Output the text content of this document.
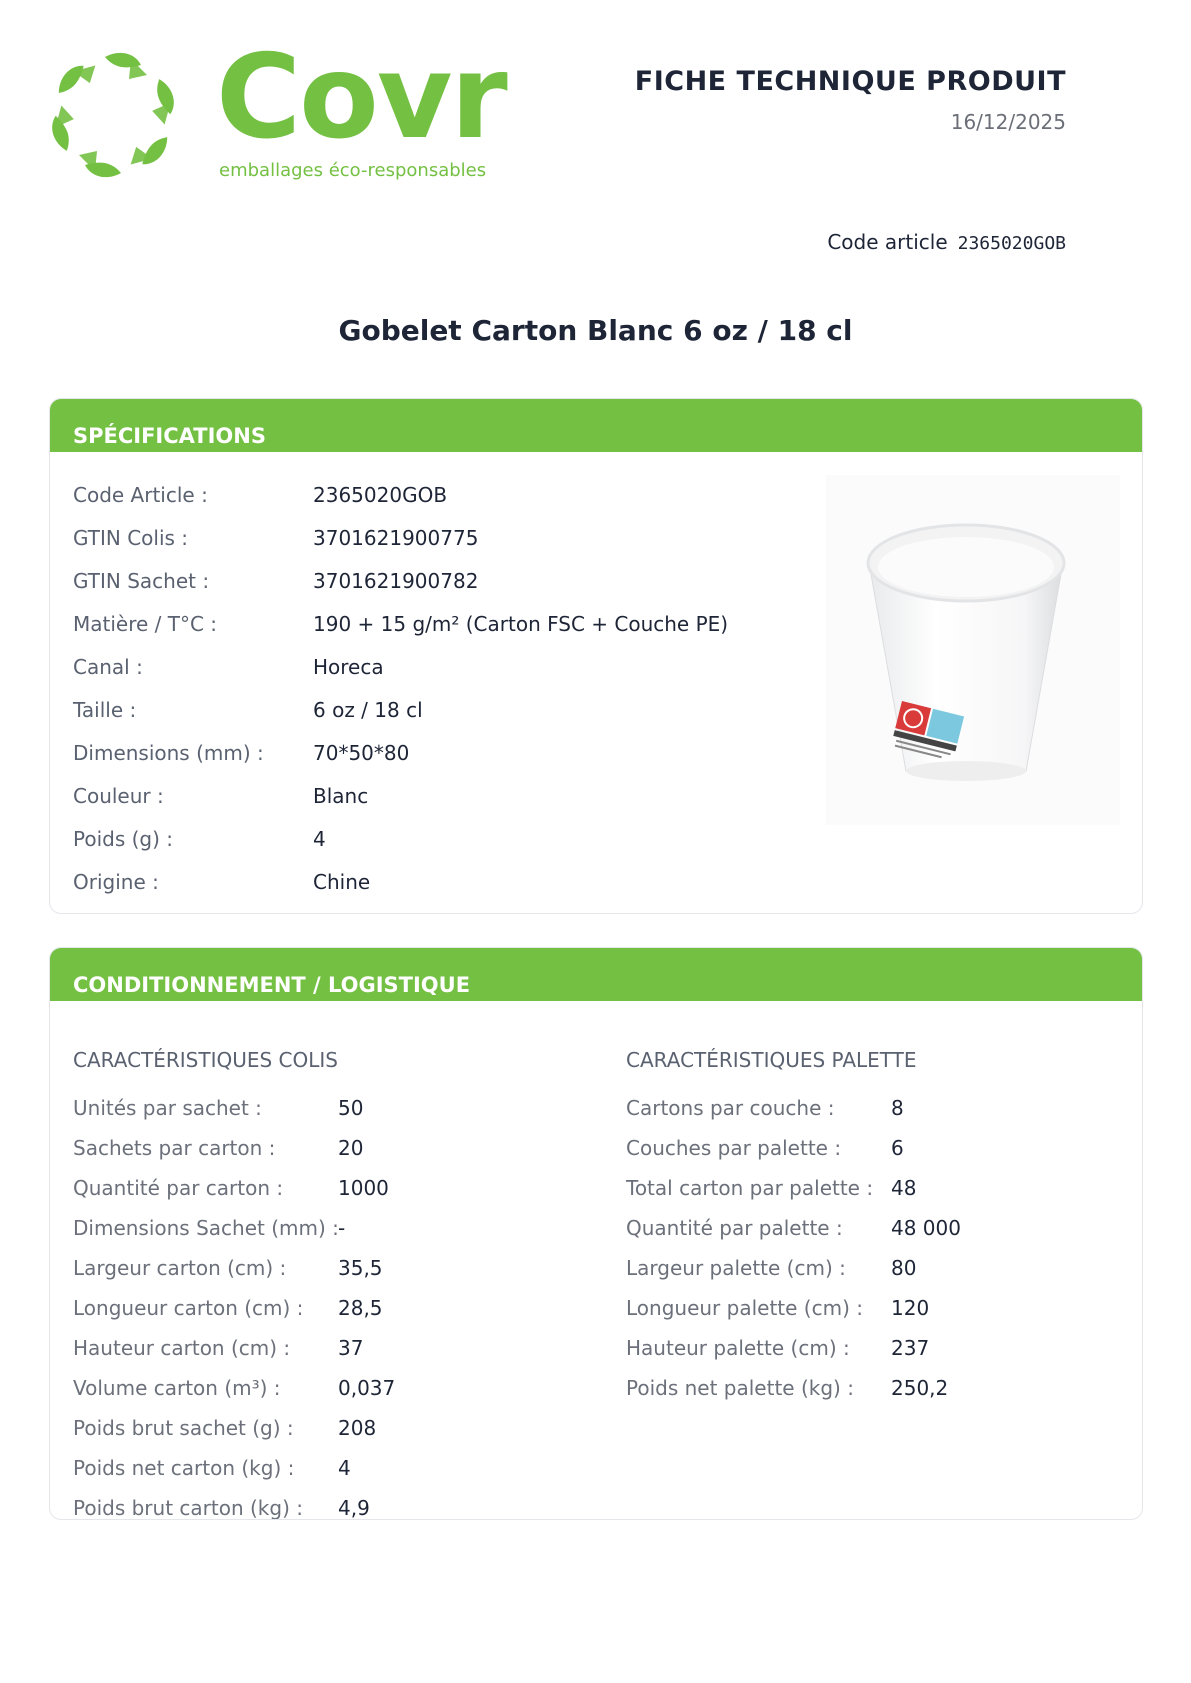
Covr
emballages éco-responsables
FICHE TECHNIQUE PRODUIT
16/12/2025
Code article 2365020GOB
Gobelet Carton Blanc 6 oz / 18 cl
SPÉCIFICATIONS
Code Article :	2365020GOB
GTIN Colis :	3701621900775
GTIN Sachet :	3701621900782
Matière / T°C :	190 + 15 g/m² (Carton FSC + Couche PE)
Canal :	Horeca
Taille :	6 oz / 18 cl
Dimensions (mm) : 70*50*80
Couleur :	Blanc
Poids (g) :	4
Origine :	Chine
CONDITIONNEMENT / LOGISTIQUE
CARACTÉRISTIQUES COLIS	CARACTÉRISTIQUES PALETTE
Unités par sachet :	50
Sachets par carton :	20
Quantité par carton :	1000
Dimensions Sachet (mm) : -
Largeur carton (cm) :	35,5
Longueur carton (cm) : 28,5
Hauteur carton (cm) : 37
Volume carton (m³) :	0,037
Poids brut sachet (g) : 208
Poids net carton (kg) : 4
Poids brut carton (kg) : 4,9
Cartons par couche :	8
Couches par palette : 6
Total carton par palette : 48
Quantité par palette : 48 000
Largeur palette (cm) : 80
Longueur palette (cm) : 120
Hauteur palette (cm) : 237
Poids net palette (kg) : 250,2
